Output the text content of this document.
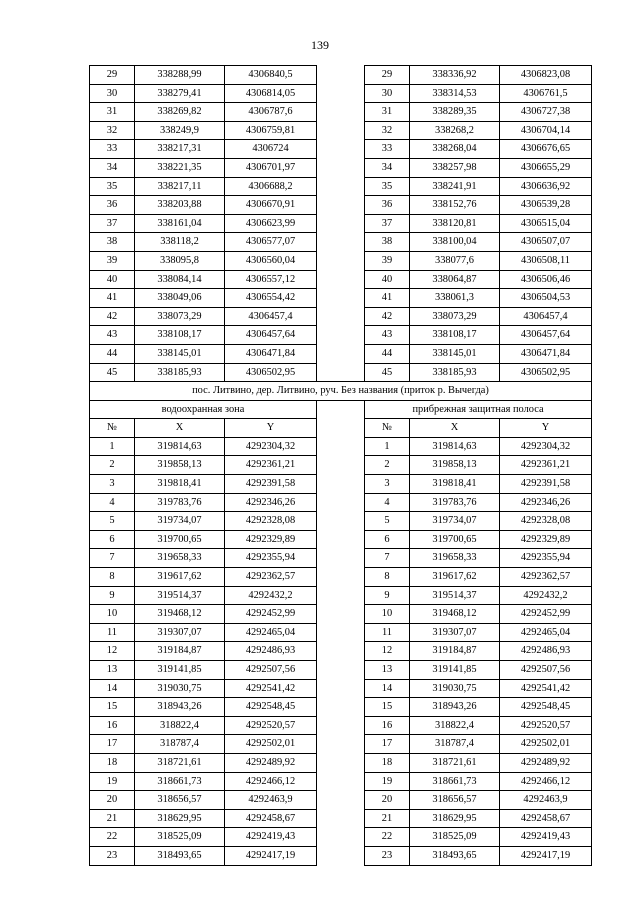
139
29	338288,99	4306840,5		29	338336,92	4306823,08
30	338279,41	4306814,05		30	338314,53	4306761,5
31	338269,82	4306787,6		31	338289,35	4306727,38
32	338249,9	4306759,81		32	338268,2	4306704,14
33	338217,31	4306724		33	338268,04	4306676,65
34	338221,35	4306701,97		34	338257,98	4306655,29
35	338217,11	4306688,2		35	338241,91	4306636,92
36	338203,88	4306670,91		36	338152,76	4306539,28
37	338161,04	4306623,99		37	338120,81	4306515,04
38	338118,2	4306577,07		38	338100,04	4306507,07
39	338095,8	4306560,04		39	338077,6	4306508,11
40	338084,14	4306557,12		40	338064,87	4306506,46
41	338049,06	4306554,42		41	338061,3	4306504,53
42	338073,29	4306457,4		42	338073,29	4306457,4
43	338108,17	4306457,64		43	338108,17	4306457,64
44	338145,01	4306471,84		44	338145,01	4306471,84
45	338185,93	4306502,95		45	338185,93	4306502,95
пос. Литвино, дер. Литвино, руч. Без названия (приток р. Вычегда)						
водоохранная зона				прибрежная защитная полоса		
№	X	Y		№	X	Y
1	319814,63	4292304,32		1	319814,63	4292304,32
2	319858,13	4292361,21		2	319858,13	4292361,21
3	319818,41	4292391,58		3	319818,41	4292391,58
4	319783,76	4292346,26		4	319783,76	4292346,26
5	319734,07	4292328,08		5	319734,07	4292328,08
6	319700,65	4292329,89		6	319700,65	4292329,89
7	319658,33	4292355,94		7	319658,33	4292355,94
8	319617,62	4292362,57		8	319617,62	4292362,57
9	319514,37	4292432,2		9	319514,37	4292432,2
10	319468,12	4292452,99		10	319468,12	4292452,99
11	319307,07	4292465,04		11	319307,07	4292465,04
12	319184,87	4292486,93		12	319184,87	4292486,93
13	319141,85	4292507,56		13	319141,85	4292507,56
14	319030,75	4292541,42		14	319030,75	4292541,42
15	318943,26	4292548,45		15	318943,26	4292548,45
16	318822,4	4292520,57		16	318822,4	4292520,57
17	318787,4	4292502,01		17	318787,4	4292502,01
18	318721,61	4292489,92		18	318721,61	4292489,92
19	318661,73	4292466,12		19	318661,73	4292466,12
20	318656,57	4292463,9		20	318656,57	4292463,9
21	318629,95	4292458,67		21	318629,95	4292458,67
22	318525,09	4292419,43		22	318525,09	4292419,43
23	318493,65	4292417,19		23	318493,65	4292417,19
